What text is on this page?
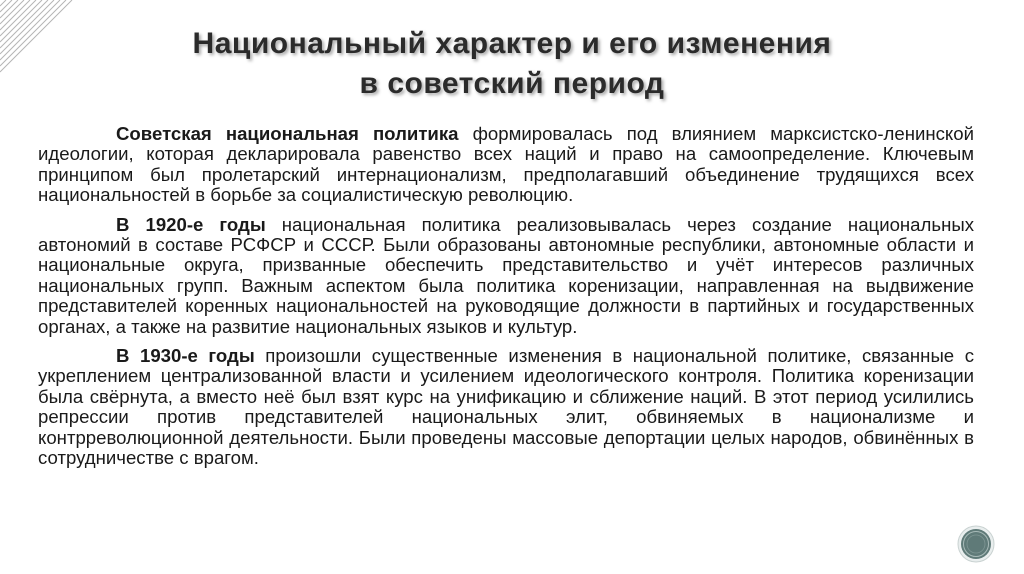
Национальный характер и его изменения
в советский период

Советская национальная политика формировалась под влиянием марксистско-ленинской идеологии, которая декларировала равенство всех наций и право на самоопределение. Ключевым принципом был пролетарский интернационализм, предполагавший объединение трудящихся всех национальностей в борьбе за социалистическую революцию.

В 1920-е годы национальная политика реализовывалась через создание национальных автономий в составе РСФСР и СССР. Были образованы автономные республики, автономные области и национальные округа, призванные обеспечить представительство и учёт интересов различных национальных групп. Важным аспектом была политика коренизации, направленная на выдвижение представителей коренных национальностей на руководящие должности в партийных и государственных органах, а также на развитие национальных языков и культур.

В 1930-е годы произошли существенные изменения в национальной политике, связанные с укреплением централизованной власти и усилением идеологического контроля. Политика коренизации была свёрнута, а вместо неё был взят курс на унификацию и сближение наций. В этот период усилились репрессии против представителей национальных элит, обвиняемых в национализме и контрреволюционной деятельности. Были проведены массовые депортации целых народов, обвинённых в сотрудничестве с врагом.
